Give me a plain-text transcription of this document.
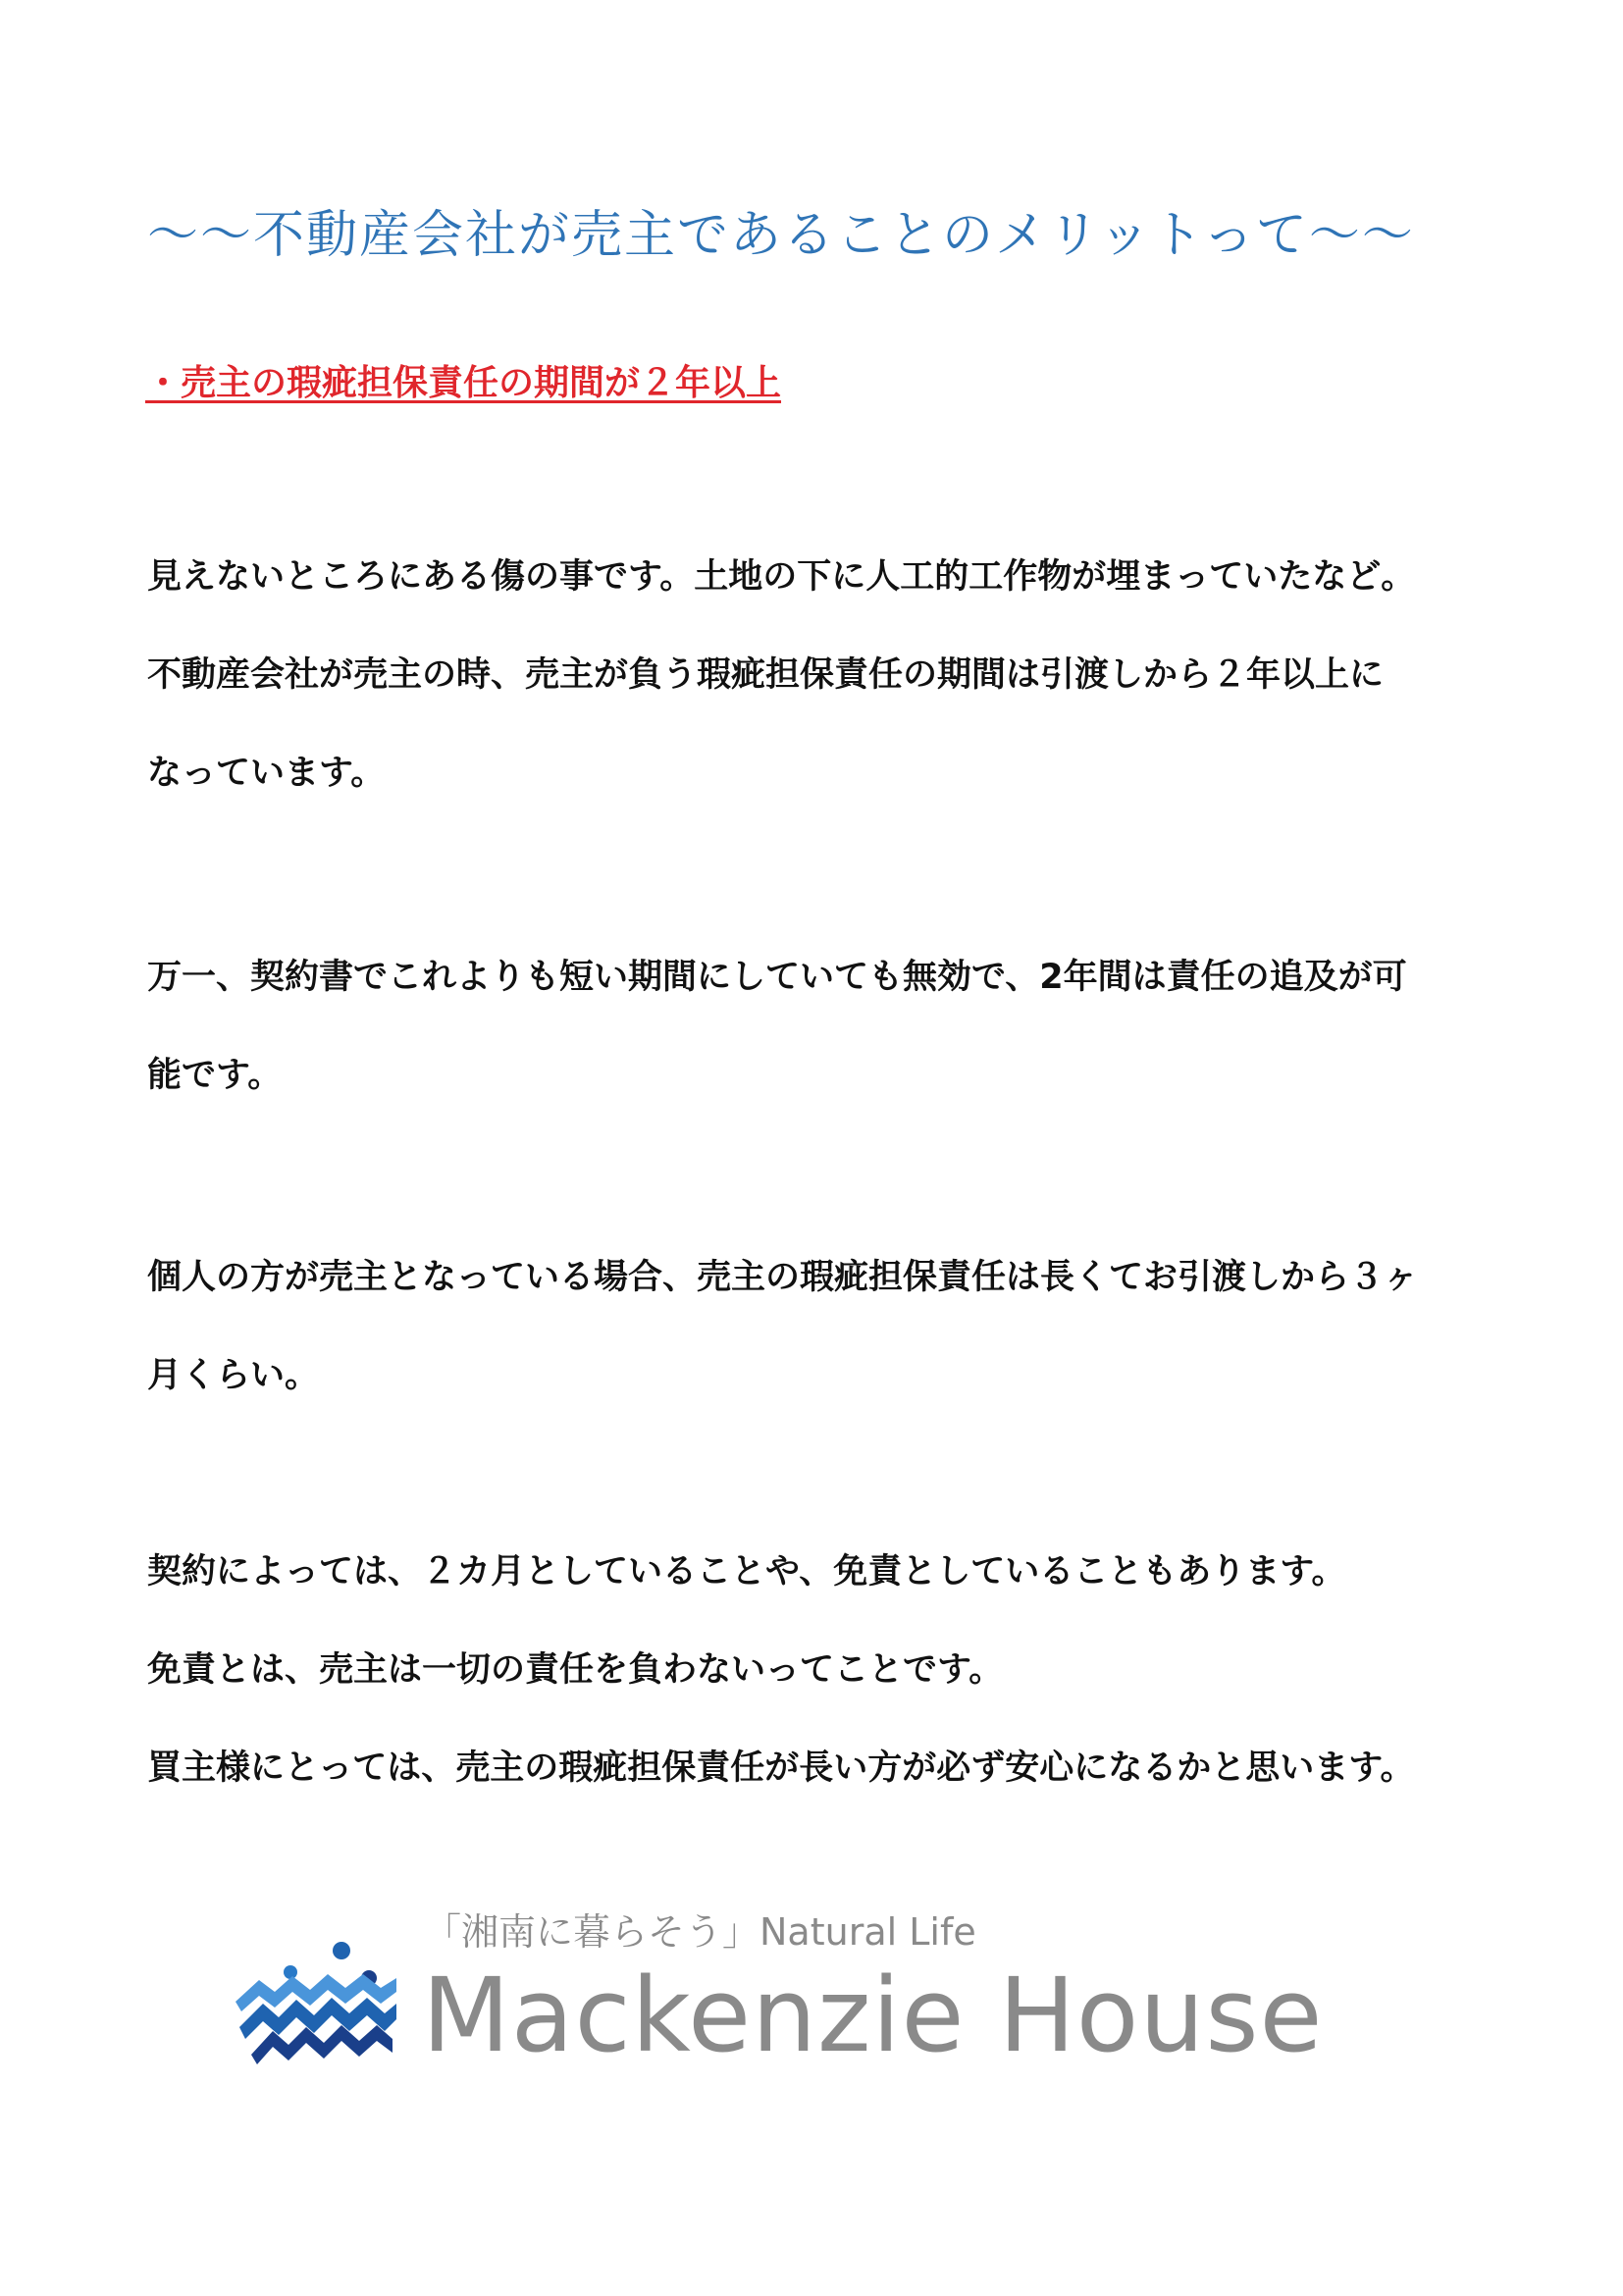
～～不動産会社が売主であることのメリットって～～
・売主の瑕疵担保責任の期間が２年以上
見えないところにある傷の事です。土地の下に人工的工作物が埋まっていたなど。
不動産会社が売主の時、売主が負う瑕疵担保責任の期間は引渡しから２年以上に
なっています。
万一、契約書でこれよりも短い期間にしていても無効で、2年間は責任の追及が可
能です。
個人の方が売主となっている場合、売主の瑕疵担保責任は長くてお引渡しから３ヶ
月くらい。
契約によっては、２カ月としていることや、免責としていることもあります。
免責とは、売主は一切の責任を負わないってことです。
買主様にとっては、売主の瑕疵担保責任が長い方が必ず安心になるかと思います。
「湘南に暮らそう」Natural Life
Mackenzie House
